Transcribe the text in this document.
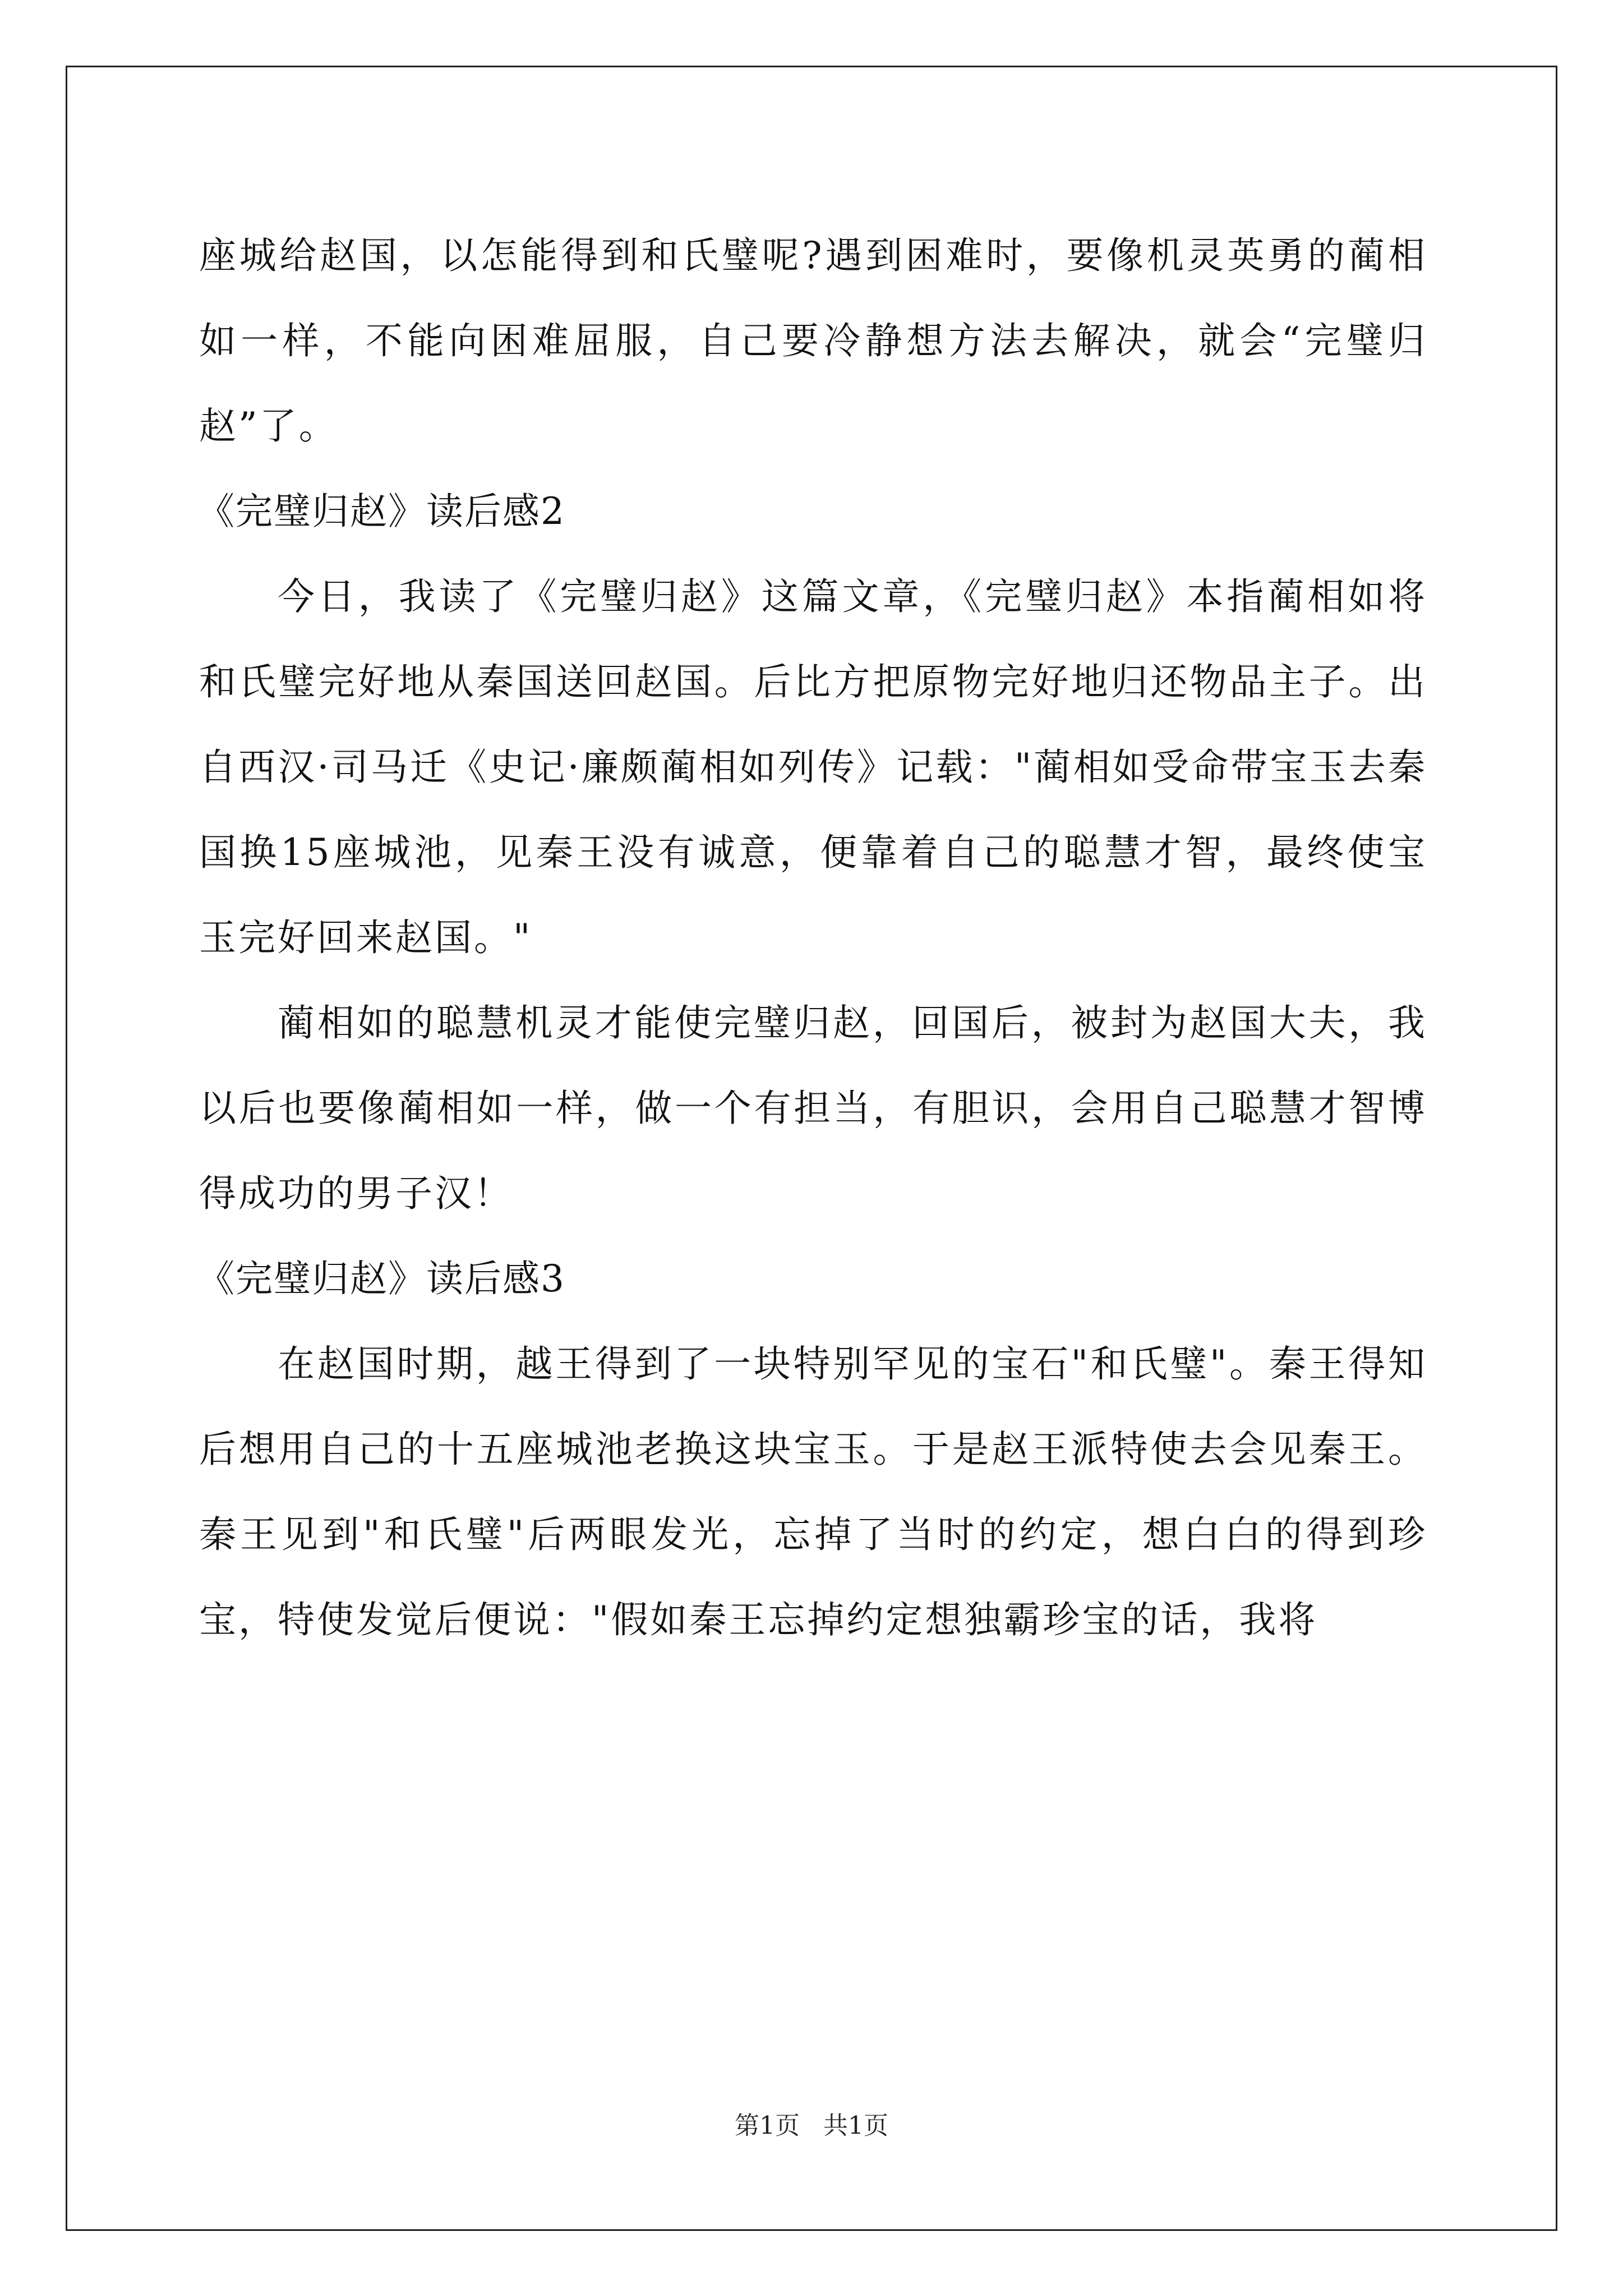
座城给赵国，以怎能得到和氏璧呢?遇到困难时，要像机灵英勇的蔺相如一样，不能向困难屈服，自己要冷静想方法去解决，就会“完璧归赵”了。

《完璧归赵》读后感2

今日，我读了《完璧归赵》这篇文章，《完璧归赵》本指蔺相如将和氏璧完好地从秦国送回赵国。后比方把原物完好地归还物品主子。出自西汉·司马迁《史记·廉颇蔺相如列传》记载："蔺相如受命带宝玉去秦国换15座城池，见秦王没有诚意，便靠着自己的聪慧才智，最终使宝玉完好回来赵国。"

蔺相如的聪慧机灵才能使完璧归赵，回国后，被封为赵国大夫，我以后也要像蔺相如一样，做一个有担当，有胆识，会用自己聪慧才智博得成功的男子汉！

《完璧归赵》读后感3

在赵国时期，越王得到了一块特别罕见的宝石"和氏璧"。秦王得知后想用自己的十五座城池老换这块宝玉。于是赵王派特使去会见秦王。秦王见到"和氏璧"后两眼发光，忘掉了当时的约定，想白白的得到珍宝，特使发觉后便说："假如秦王忘掉约定想独霸珍宝的话，我将

第1页 共1页
